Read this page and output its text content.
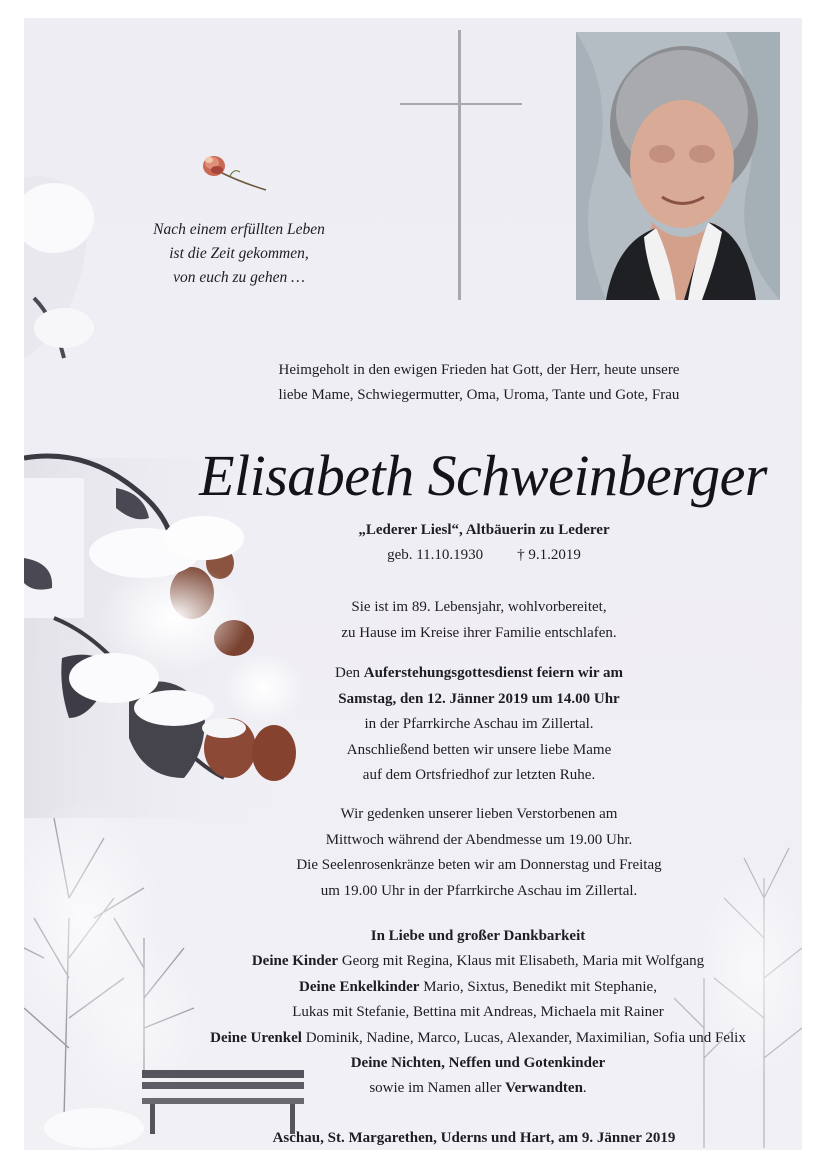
Nach einem erfüllten Leben
ist die Zeit gekommen,
von euch zu gehen …
Heimgeholt in den ewigen Frieden hat Gott, der Herr, heute unsere
liebe Mame, Schwiegermutter, Oma, Uroma, Tante und Gote, Frau
Elisabeth Schweinberger
„Lederer Liesl“, Altbäuerin zu Lederer
geb. 11.10.1930 † 9.1.2019
Sie ist im 89. Lebensjahr, wohlvorbereitet,
zu Hause im Kreise ihrer Familie entschlafen.
Den Auferstehungsgottesdienst feiern wir am
Samstag, den 12. Jänner 2019 um 14.00 Uhr
in der Pfarrkirche Aschau im Zillertal.
Anschließend betten wir unsere liebe Mame
auf dem Ortsfriedhof zur letzten Ruhe.
Wir gedenken unserer lieben Verstorbenen am
Mittwoch während der Abendmesse um 19.00 Uhr.
Die Seelenrosenkränze beten wir am Donnerstag und Freitag
um 19.00 Uhr in der Pfarrkirche Aschau im Zillertal.
In Liebe und großer Dankbarkeit
Deine Kinder Georg mit Regina, Klaus mit Elisabeth, Maria mit Wolfgang
Deine Enkelkinder Mario, Sixtus, Benedikt mit Stephanie,
Lukas mit Stefanie, Bettina mit Andreas, Michaela mit Rainer
Deine Urenkel Dominik, Nadine, Marco, Lucas, Alexander, Maximilian, Sofia und Felix
Deine Nichten, Neffen und Gotenkinder
sowie im Namen aller Verwandten.
Aschau, St. Margarethen, Uderns und Hart, am 9. Jänner 2019
